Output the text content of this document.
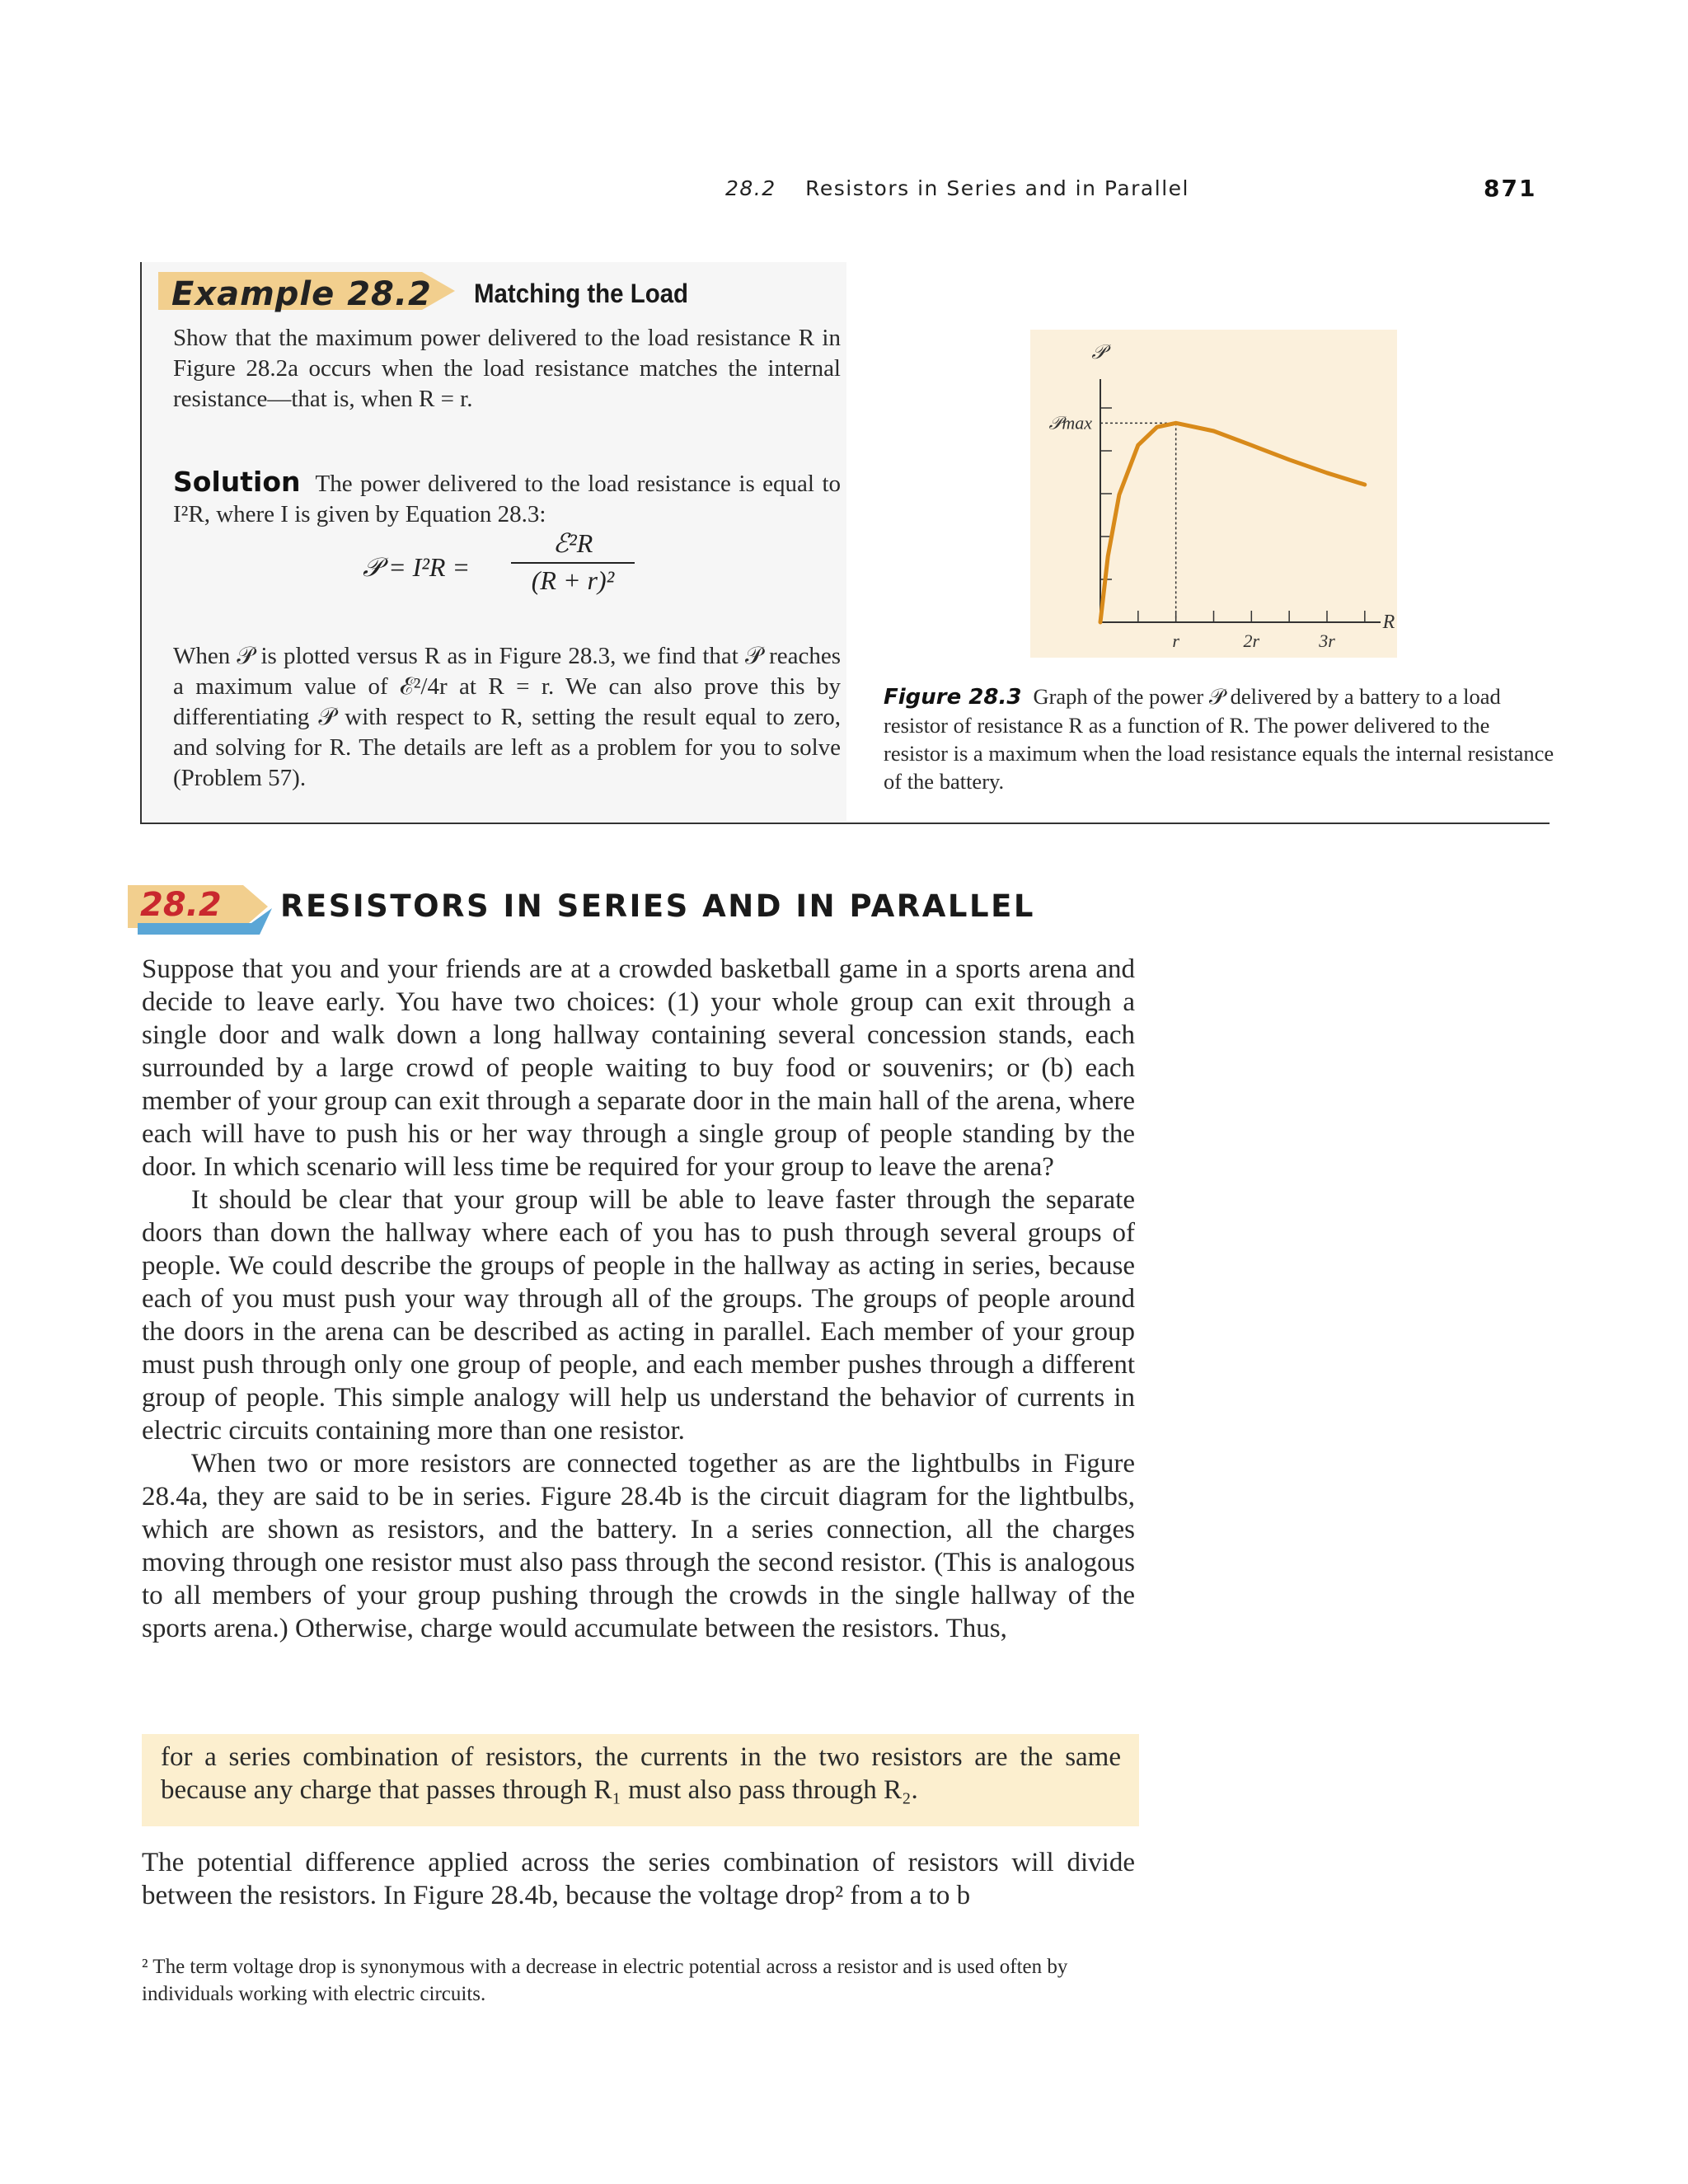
28.2 Resistors in Series and in Parallel	871
Example 28.2 Matching the Load
Show that the maximum power delivered to the load resistance R in Figure 28.2a occurs when the load resistance matches the internal resistance—that is, when R = r.
Solution The power delivered to the load resistance is equal to I²R, where I is given by Equation 28.3:
𝒫 = I²R =
ℰ²R
(R + r)²
When 𝒫 is plotted versus R as in Figure 28.3, we find that 𝒫 reaches a maximum value of ℰ²/4r at R = r. We can also prove this by differentiating 𝒫 with respect to R, setting the result equal to zero, and solving for R. The details are left as a problem for you to solve (Problem 57).
𝒫
𝒫max
R
r	2r	3r
Figure 28.3 Graph of the power 𝒫 delivered by a battery to a load resistor of resistance R as a function of R. The power delivered to the resistor is a maximum when the load resistance equals the internal resistance of the battery.
28.2 RESISTORS IN SERIES AND IN PARALLEL

Suppose that you and your friends are at a crowded basketball game in a sports arena and decide to leave early. You have two choices: (1) your whole group can exit through a single door and walk down a long hallway containing several concession stands, each surrounded by a large crowd of people waiting to buy food or souvenirs; or (b) each member of your group can exit through a separate door in the main hall of the arena, where each will have to push his or her way through a single group of people standing by the door. In which scenario will less time be required for your group to leave the arena?

It should be clear that your group will be able to leave faster through the separate doors than down the hallway where each of you has to push through several groups of people. We could describe the groups of people in the hallway as acting in series, because each of you must push your way through all of the groups. The groups of people around the doors in the arena can be described as acting in parallel. Each member of your group must push through only one group of people, and each member pushes through a different group of people. This simple analogy will help us understand the behavior of currents in electric circuits containing more than one resistor.

When two or more resistors are connected together as are the lightbulbs in Figure 28.4a, they are said to be in series. Figure 28.4b is the circuit diagram for the lightbulbs, which are shown as resistors, and the battery. In a series connection, all the charges moving through one resistor must also pass through the second resistor. (This is analogous to all members of your group pushing through the crowds in the single hallway of the sports arena.) Otherwise, charge would accumulate between the resistors. Thus,

for a series combination of resistors, the currents in the two resistors are the same because any charge that passes through R₁ must also pass through R₂.
The potential difference applied across the series combination of resistors will divide between the resistors. In Figure 28.4b, because the voltage drop² from a to b
² The term voltage drop is synonymous with a decrease in electric potential across a resistor and is used often by individuals working with electric circuits.
